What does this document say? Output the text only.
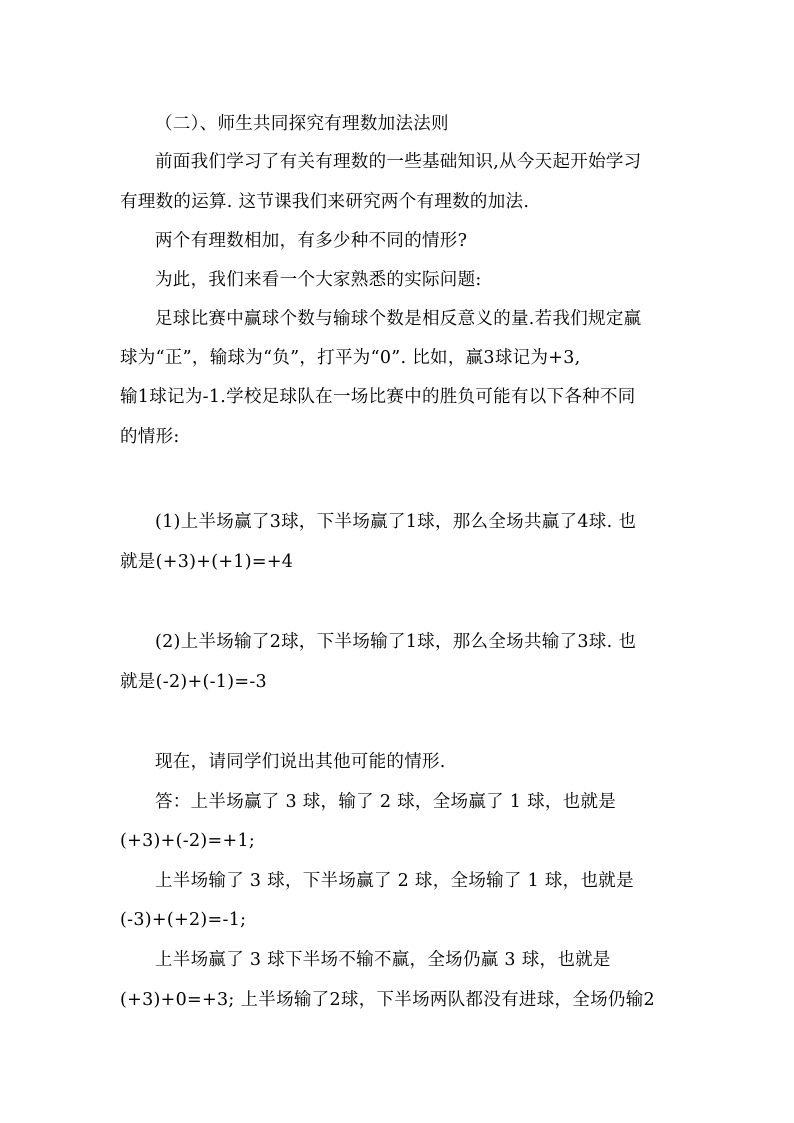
（二）、师生共同探究有理数加法法则
前面我们学习了有关有理数的一些基础知识,从今天起开始学习
有理数的运算. 这节课我们来研究两个有理数的加法.
两个有理数相加，有多少种不同的情形?
为此，我们来看一个大家熟悉的实际问题:
足球比赛中赢球个数与输球个数是相反意义的量.若我们规定赢
球为“正”，输球为“负”，打平为“0”. 比如，赢3球记为+3,
输1球记为-1.学校足球队在一场比赛中的胜负可能有以下各种不同
的情形:
(1)上半场赢了3球，下半场赢了1球，那么全场共赢了4球. 也
就是(+3)+(+1)=+4
(2)上半场输了2球，下半场输了1球，那么全场共输了3球. 也
就是(-2)+(-1)=-3
现在，请同学们说出其他可能的情形.
答：上半场赢了 3 球，输了 2 球，全场赢了 1 球，也就是
(+3)+(-2)=+1;
上半场输了 3 球，下半场赢了 2 球，全场输了 1 球，也就是
(-3)+(+2)=-1;
上半场赢了 3 球下半场不输不赢，全场仍赢 3 球，也就是
(+3)+0=+3; 上半场输了2球，下半场两队都没有进球，全场仍输2
